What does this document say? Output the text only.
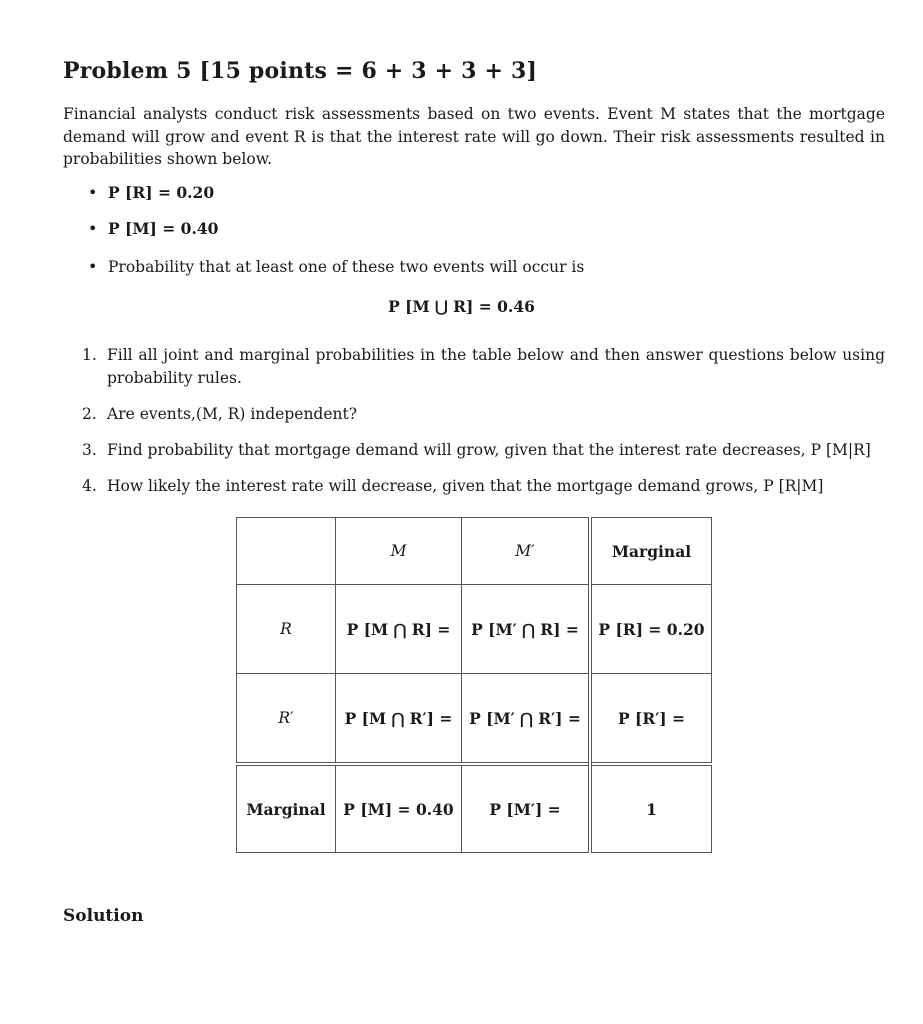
Problem 5 [15 points = 6 + 3 + 3 + 3]

Financial analysts conduct risk assessments based on two events. Event M states that the mortgage demand will grow and event R is that the interest rate will go down. Their risk assessments resulted in probabilities shown below.

• P [R] = 0.20
• P [M] = 0.40
• Probability that at least one of these two events will occur is
P [M ⋃ R] = 0.46
1. Fill all joint and marginal probabilities in the table below and then answer questions below using probability rules.
2. Are events,(M, R) independent?
3. Find probability that mortgage demand will grow, given that the interest rate decreases, P [M|R]
4. How likely the interest rate will decrease, given that the mortgage demand grows, P [R|M]
	M	M′	Marginal
R	P [M ⋂ R] =	P [M′ ⋂ R] =	P [R] = 0.20
R′	P [M ⋂ R′] =	P [M′ ⋂ R′] =	P [R′] =
Marginal	P [M] = 0.40	P [M′] =	1
Solution
